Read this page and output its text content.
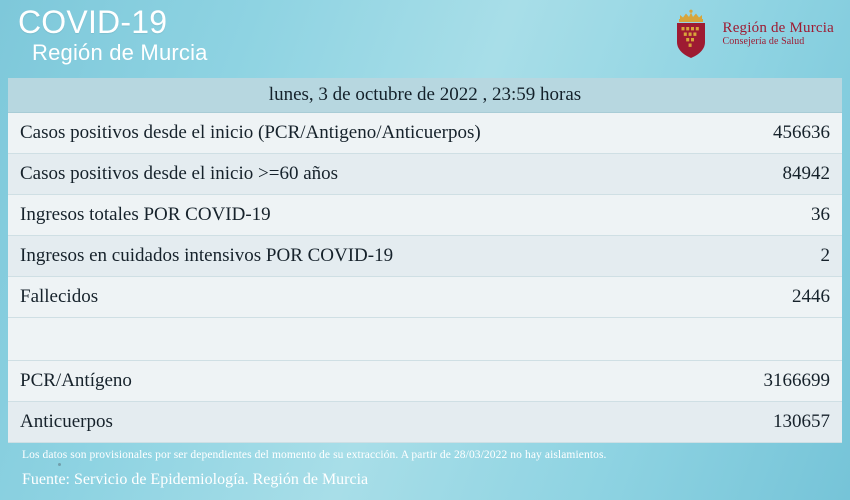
COVID-19
Región de Murcia
Región de Murcia
Consejería de Salud
lunes, 3 de octubre de 2022 , 23:59 horas
Casos positivos desde el inicio (PCR/Antigeno/Anticuerpos)	456636
Casos positivos desde el inicio >=60 años	84942
Ingresos totales POR COVID-19	36
Ingresos en cuidados intensivos POR COVID-19	2
Fallecidos	2446
PCR/Antígeno	3166699
Anticuerpos	130657
Los datos son provisionales por ser dependientes del momento de su extracción. A partir de 28/03/2022 no hay aislamientos.
Fuente: Servicio de Epidemiología. Región de Murcia
